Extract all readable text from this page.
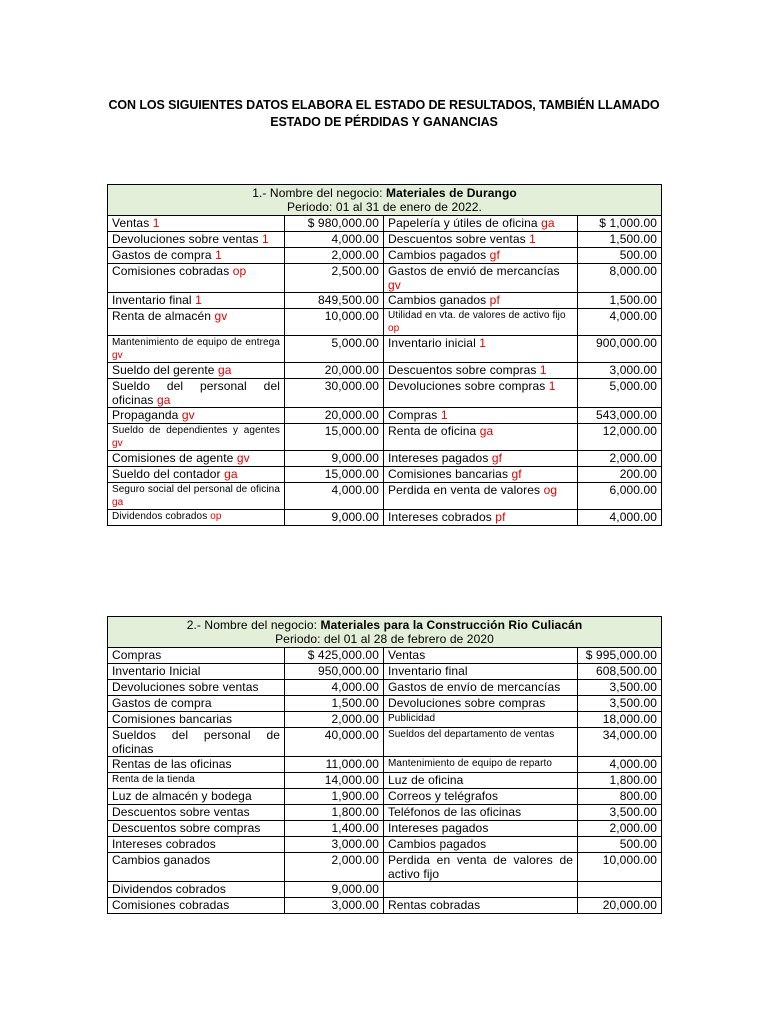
CON LOS SIGUIENTES DATOS ELABORA EL ESTADO DE RESULTADOS, TAMBIÉN LLAMADO ESTADO DE PÉRDIDAS Y GANANCIAS
1.- Nombre del negocio: Materiales de Durango
Periodo: 01 al 31 de enero de 2022.			
Ventas 1	$ 980,000.00	Papelería y útiles de oficina ga	$ 1,000.00
Devoluciones sobre ventas 1	4,000.00	Descuentos sobre ventas 1	1,500.00
Gastos de compra 1	2,000.00	Cambios pagados gf	500.00
Comisiones cobradas op	2,500.00	Gastos de envió de mercancías gv	8,000.00
Inventario final 1	849,500.00	Cambios ganados pf	1,500.00
Renta de almacén gv	10,000.00	Utilidad en vta. de valores de activo fijo op	4,000.00
Mantenimiento de equipo de entrega gv	5,000.00	Inventario inicial 1	900,000.00
Sueldo del gerente ga	20,000.00	Descuentos sobre compras 1	3,000.00
Sueldo del personal del oficinas ga	30,000.00	Devoluciones sobre compras 1	5,000.00
Propaganda gv	20,000.00	Compras 1	543,000.00
Sueldo de dependientes y agentes gv	15,000.00	Renta de oficina ga	12,000.00
Comisiones de agente gv	9,000.00	Intereses pagados gf	2,000.00
Sueldo del contador ga	15,000.00	Comisiones bancarias gf	200.00
Seguro social del personal de oficina ga	4,000.00	Perdida en venta de valores og	6,000.00
Dividendos cobrados op	9,000.00	Intereses cobrados pf	4,000.00
2.- Nombre del negocio: Materiales para la Construcción Rio Culiacán
Periodo: del 01 al 28 de febrero de 2020			
Compras	$ 425,000.00	Ventas	$ 995,000.00
Inventario Inicial	950,000.00	Inventario final	608,500.00
Devoluciones sobre ventas	4,000.00	Gastos de envío de mercancías	3,500.00
Gastos de compra	1,500.00	Devoluciones sobre compras	3,500.00
Comisiones bancarias	2,000.00	Publicidad	18,000.00
Sueldos del personal de oficinas	40,000.00	Sueldos del departamento de ventas	34,000.00
Rentas de las oficinas	11,000.00	Mantenimiento de equipo de reparto	4,000.00
Renta de la tienda	14,000.00	Luz de oficina	1,800.00
Luz de almacén y bodega	1,900.00	Correos y telégrafos	800.00
Descuentos sobre ventas	1,800.00	Teléfonos de las oficinas	3,500.00
Descuentos sobre compras	1,400.00	Intereses pagados	2,000.00
Intereses cobrados	3,000.00	Cambios pagados	500.00
Cambios ganados	2,000.00	Perdida en venta de valores de activo fijo	10,000.00
Dividendos cobrados	9,000.00		
Comisiones cobradas	3,000.00	Rentas cobradas	20,000.00
